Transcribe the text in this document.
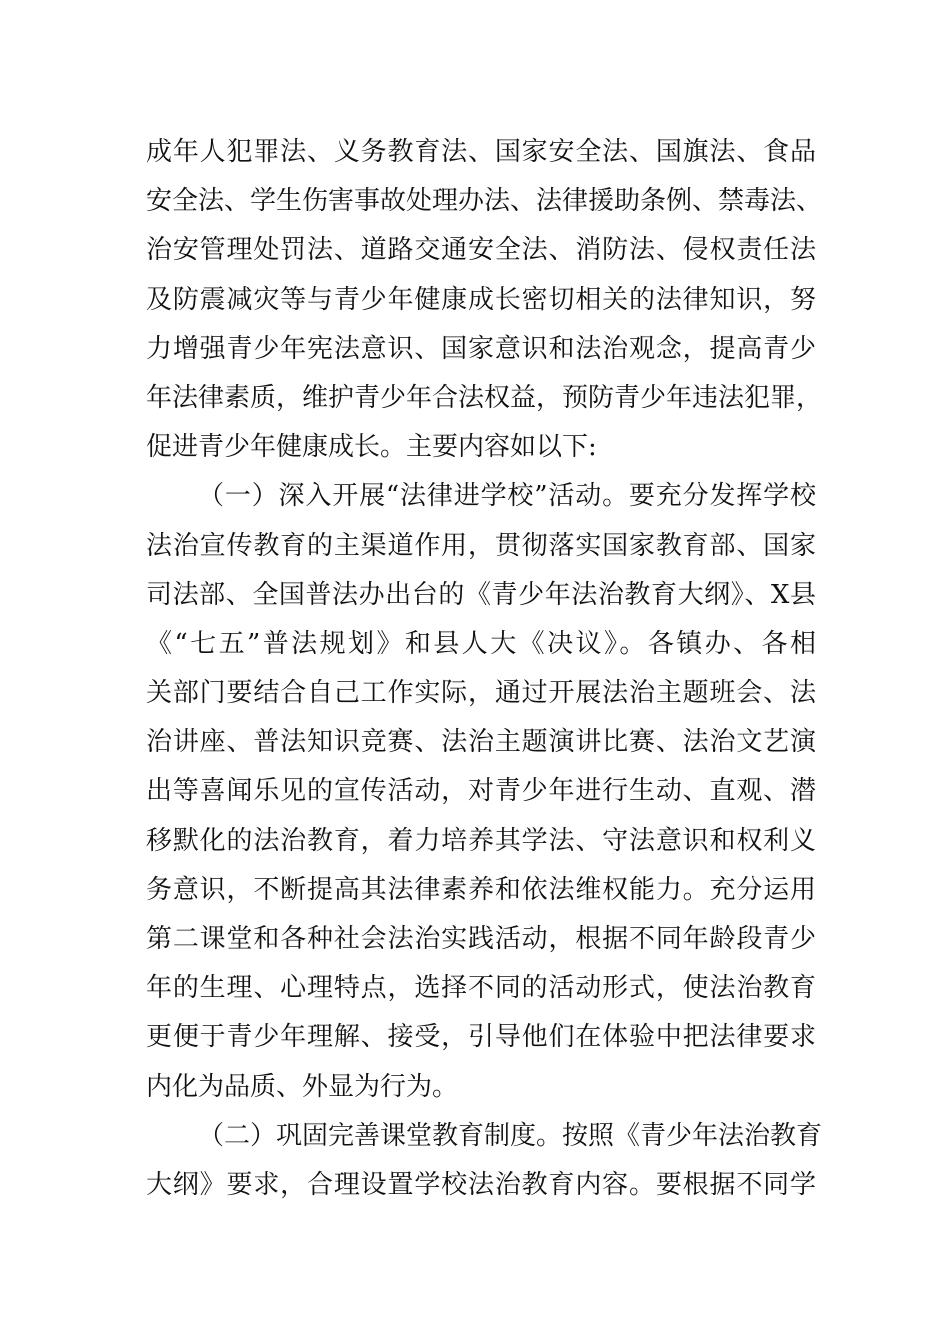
成年人犯罪法、义务教育法、国家安全法、国旗法、食品
安全法、学生伤害事故处理办法、法律援助条例、禁毒法、
治安管理处罚法、道路交通安全法、消防法、侵权责任法
及防震减灾等与青少年健康成长密切相关的法律知识，努
力增强青少年宪法意识、国家意识和法治观念，提高青少
年法律素质，维护青少年合法权益，预防青少年违法犯罪，
促进青少年健康成长。主要内容如以下:
（一）深入开展“法律进学校”活动。要充分发挥学校
法治宣传教育的主渠道作用，贯彻落实国家教育部、国家
司法部、全国普法办出台的《青少年法治教育大纲》、X县
《“七五”普法规划》和县人大《决议》。各镇办、各相
关部门要结合自己工作实际，通过开展法治主题班会、法
治讲座、普法知识竞赛、法治主题演讲比赛、法治文艺演
出等喜闻乐见的宣传活动，对青少年进行生动、直观、潜
移默化的法治教育，着力培养其学法、守法意识和权利义
务意识，不断提高其法律素养和依法维权能力。充分运用
第二课堂和各种社会法治实践活动，根据不同年龄段青少
年的生理、心理特点，选择不同的活动形式，使法治教育
更便于青少年理解、接受，引导他们在体验中把法律要求
内化为品质、外显为行为。
（二）巩固完善课堂教育制度。按照《青少年法治教育
大纲》要求，合理设置学校法治教育内容。要根据不同学
